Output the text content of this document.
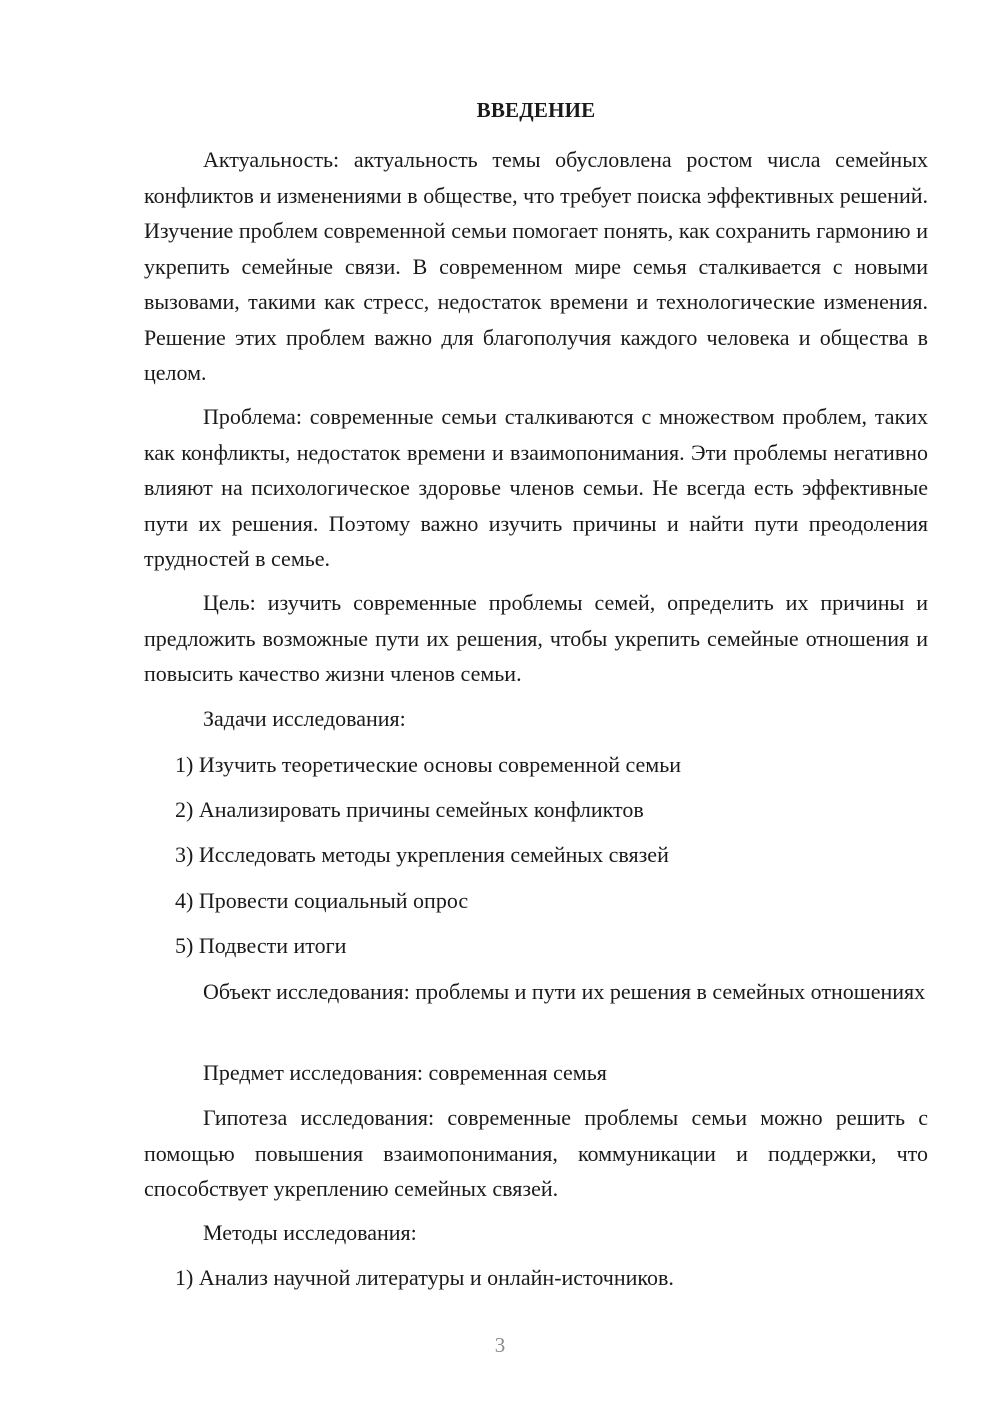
ВВЕДЕНИЕ

Актуальность: актуальность темы обусловлена ростом числа семейных конфликтов и изменениями в обществе, что требует поиска эффективных решений. Изучение проблем современной семьи помогает понять, как сохранить гармонию и укрепить семейные связи. В современном мире семья сталкивается с новыми вызовами, такими как стресс, недостаток времени и технологические изменения. Решение этих проблем важно для благополучия каждого человека и общества в целом.

Проблема: современные семьи сталкиваются с множеством проблем, таких как конфликты, недостаток времени и взаимопонимания. Эти проблемы негативно влияют на психологическое здоровье членов семьи. Не всегда есть эффективные пути их решения. Поэтому важно изучить причины и найти пути преодоления трудностей в семье.

Цель: изучить современные проблемы семей, определить их причины и предложить возможные пути их решения, чтобы укрепить семейные отношения и повысить качество жизни членов семьи.

Задачи исследования:

1) Изучить теоретические основы современной семьи

2) Анализировать причины семейных конфликтов

3) Исследовать методы укрепления семейных связей

4) Провести социальный опрос

5) Подвести итоги

Объект исследования: проблемы и пути их решения в семейных отношениях

Предмет исследования: современная семья

Гипотеза исследования: современные проблемы семьи можно решить с помощью повышения взаимопонимания, коммуникации и поддержки, что способствует укреплению семейных связей.

Методы исследования:

1) Анализ научной литературы и онлайн-источников.

3
